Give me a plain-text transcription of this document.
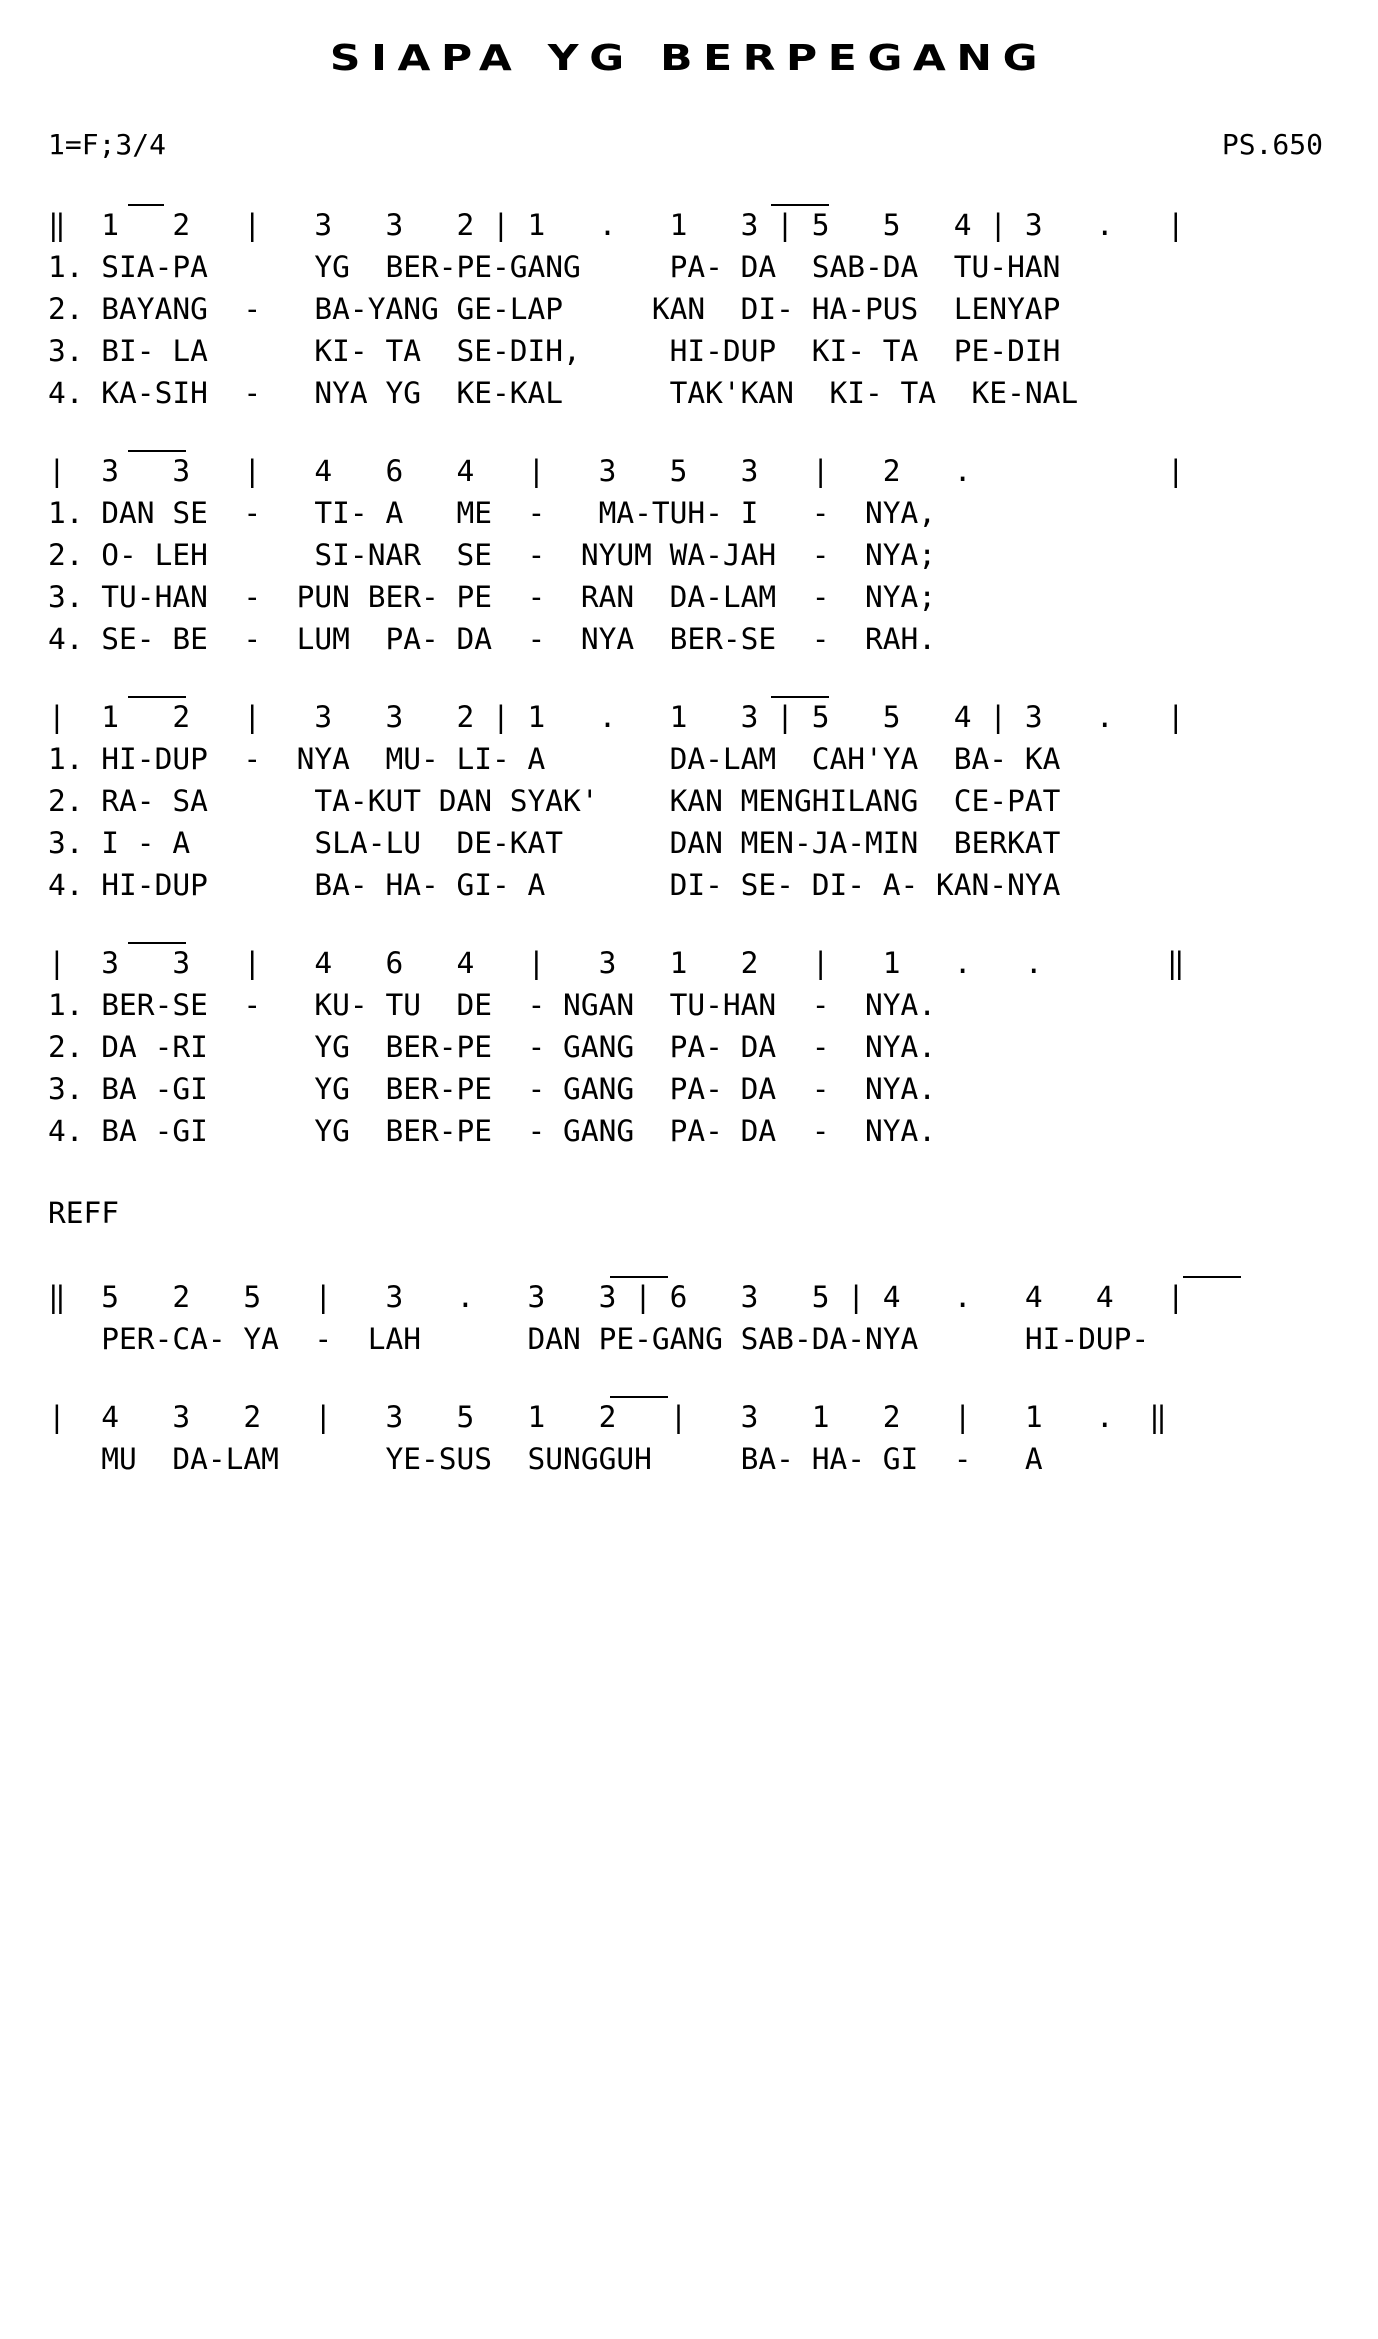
SIAPA YG BERPEGANG
1=F;3/4	PS.650
‖  1   2   |   3   3   2 | 1   .   1   3 | 5   5   4 | 3   .   |
1. SIA-PA      YG  BER-PE-GANG     PA- DA  SAB-DA  TU-HAN
2. BAYANG  -   BA-YANG GE-LAP     KAN  DI- HA-PUS  LENYAP
3. BI- LA      KI- TA  SE-DIH,     HI-DUP  KI- TA  PE-DIH
4. KA-SIH  -   NYA YG  KE-KAL      TAK'KAN  KI- TA  KE-NAL
|  3   3   |   4   6   4   |   3   5   3   |   2   .           |
1. DAN SE  -   TI- A   ME  -   MA-TUH- I   -  NYA,
2. O- LEH      SI-NAR  SE  -  NYUM WA-JAH  -  NYA;
3. TU-HAN  -  PUN BER- PE  -  RAN  DA-LAM  -  NYA;
4. SE- BE  -  LUM  PA- DA  -  NYA  BER-SE  -  RAH.
|  1   2   |   3   3   2 | 1   .   1   3 | 5   5   4 | 3   .   |
1. HI-DUP  -  NYA  MU- LI- A       DA-LAM  CAH'YA  BA- KA
2. RA- SA      TA-KUT DAN SYAK'    KAN MENGHILANG  CE-PAT
3. I - A       SLA-LU  DE-KAT      DAN MEN-JA-MIN  BERKAT
4. HI-DUP      BA- HA- GI- A       DI- SE- DI- A- KAN-NYA
|  3   3   |   4   6   4   |   3   1   2   |   1   .   .       ‖
1. BER-SE  -   KU- TU  DE  - NGAN  TU-HAN  -  NYA.
2. DA -RI      YG  BER-PE  - GANG  PA- DA  -  NYA.
3. BA -GI      YG  BER-PE  - GANG  PA- DA  -  NYA.
4. BA -GI      YG  BER-PE  - GANG  PA- DA  -  NYA.
REFF
‖  5   2   5   |   3   .   3   3 | 6   3   5 | 4   .   4   4   |
PER-CA- YA  -  LAH      DAN PE-GANG SAB-DA-NYA      HI-DUP-
|  4   3   2   |   3   5   1   2   |   3   1   2   |   1   .  ‖
MU  DA-LAM      YE-SUS  SUNGGUH     BA- HA- GI  -   A
